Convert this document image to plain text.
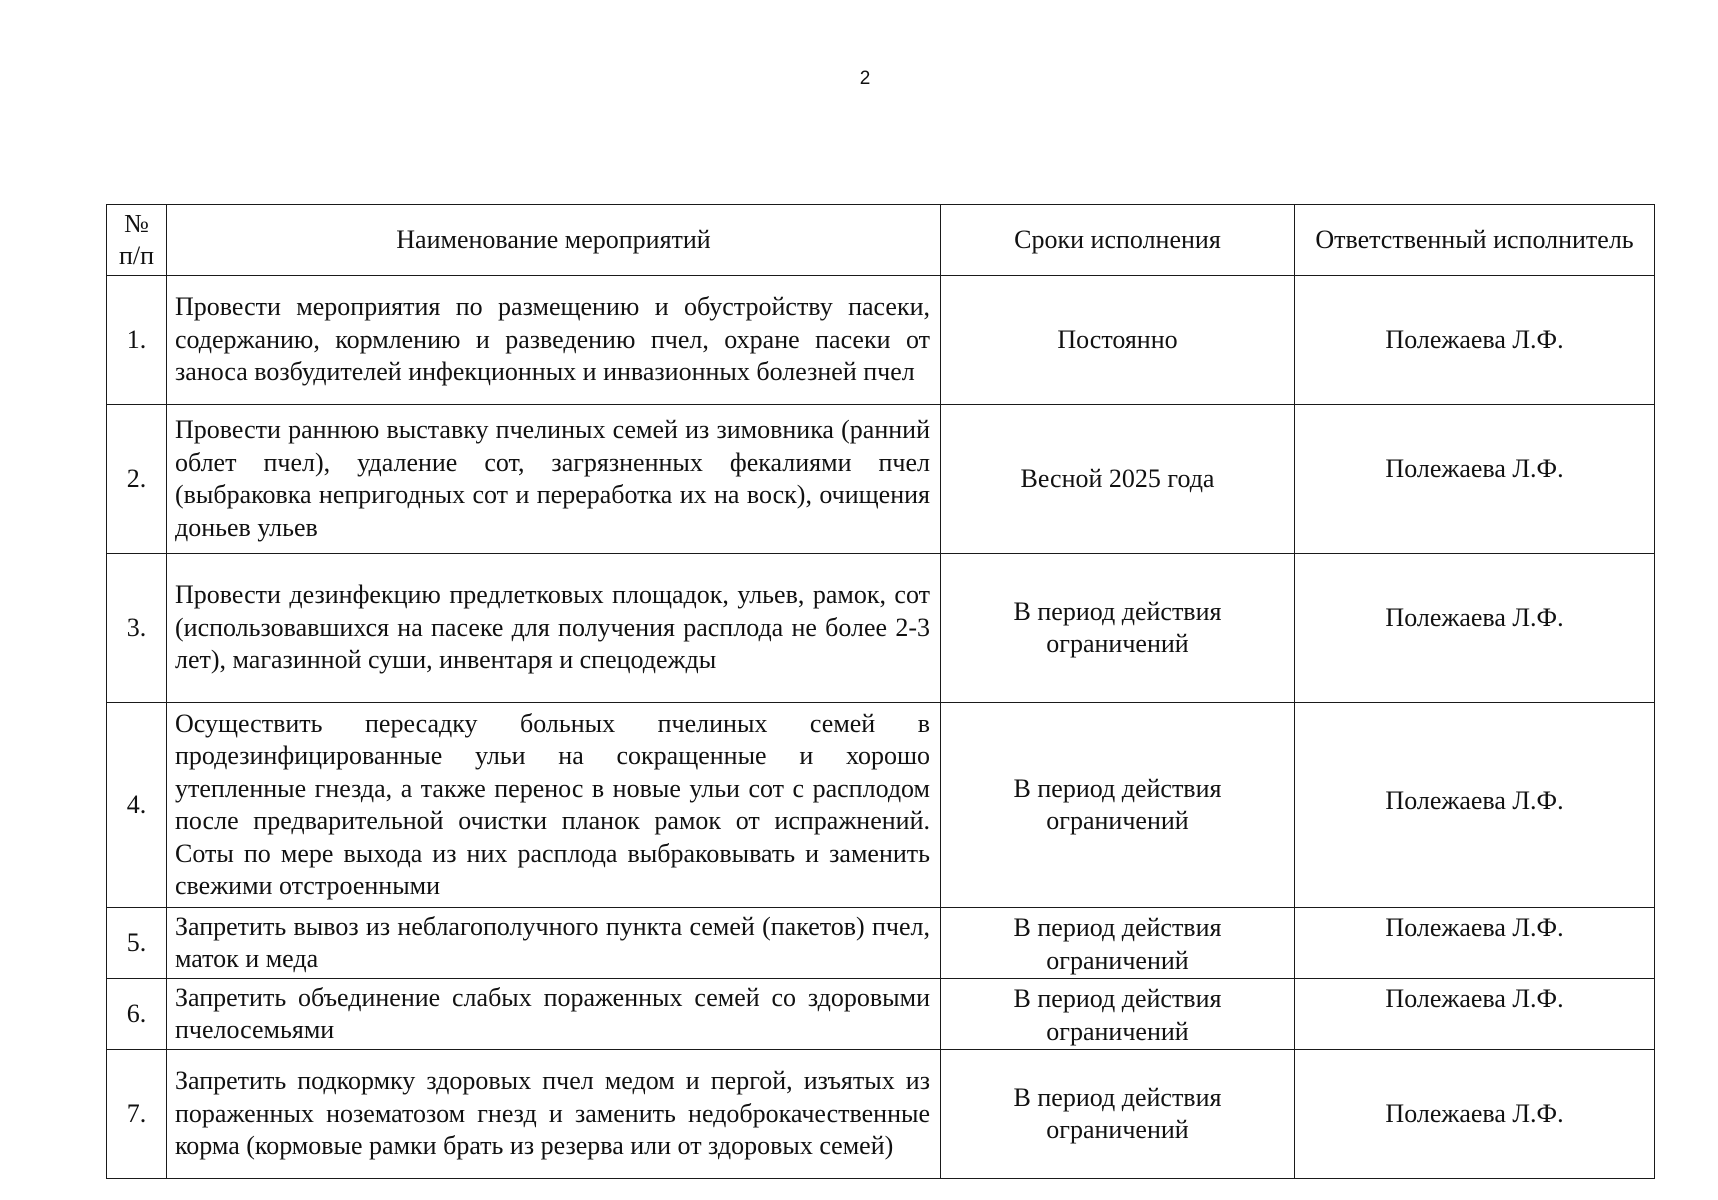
2
№ п/п	Наименование мероприятий	Сроки исполнения	Ответственный исполнитель
1.	Провести мероприятия по размещению и обустройству пасеки, содержанию, кормлению и разведению пчел, охране пасеки от заноса возбудителей инфекционных и инвазионных болезней пчел	Постоянно	Полежаева Л.Ф.
2.	Провести раннюю выставку пчелиных семей из зимовника (ранний облет пчел), удаление сот, загрязненных фекалиями пчел (выбраковка непригодных сот и переработка их на воск), очищения доньев ульев	Весной 2025 года	Полежаева Л.Ф.
3.	Провести дезинфекцию предлетковых площадок, ульев, рамок, сот (использовавшихся на пасеке для получения расплода не более 2-3 лет), магазинной суши, инвентаря и спецодежды	В период действия ограничений	Полежаева Л.Ф.
4.	Осуществить пересадку больных пчелиных семей в продезинфицированные ульи на сокращенные и хорошо утепленные гнезда, а также перенос в новые ульи сот с расплодом после предварительной очистки планок рамок от испражнений. Соты по мере выхода из них расплода выбраковывать и заменить свежими отстроенными	В период действия ограничений	Полежаева Л.Ф.
5.	Запретить вывоз из неблагополучного пункта семей (пакетов) пчел, маток и меда	В период действия ограничений	Полежаева Л.Ф.
6.	Запретить объединение слабых пораженных семей со здоровыми пчелосемьями	В период действия ограничений	Полежаева Л.Ф.
7.	Запретить подкормку здоровых пчел медом и пергой, изъятых из пораженных нозематозом гнезд и заменить недоброкачественные корма (кормовые рамки брать из резерва или от здоровых семей)	В период действия ограничений	Полежаева Л.Ф.
